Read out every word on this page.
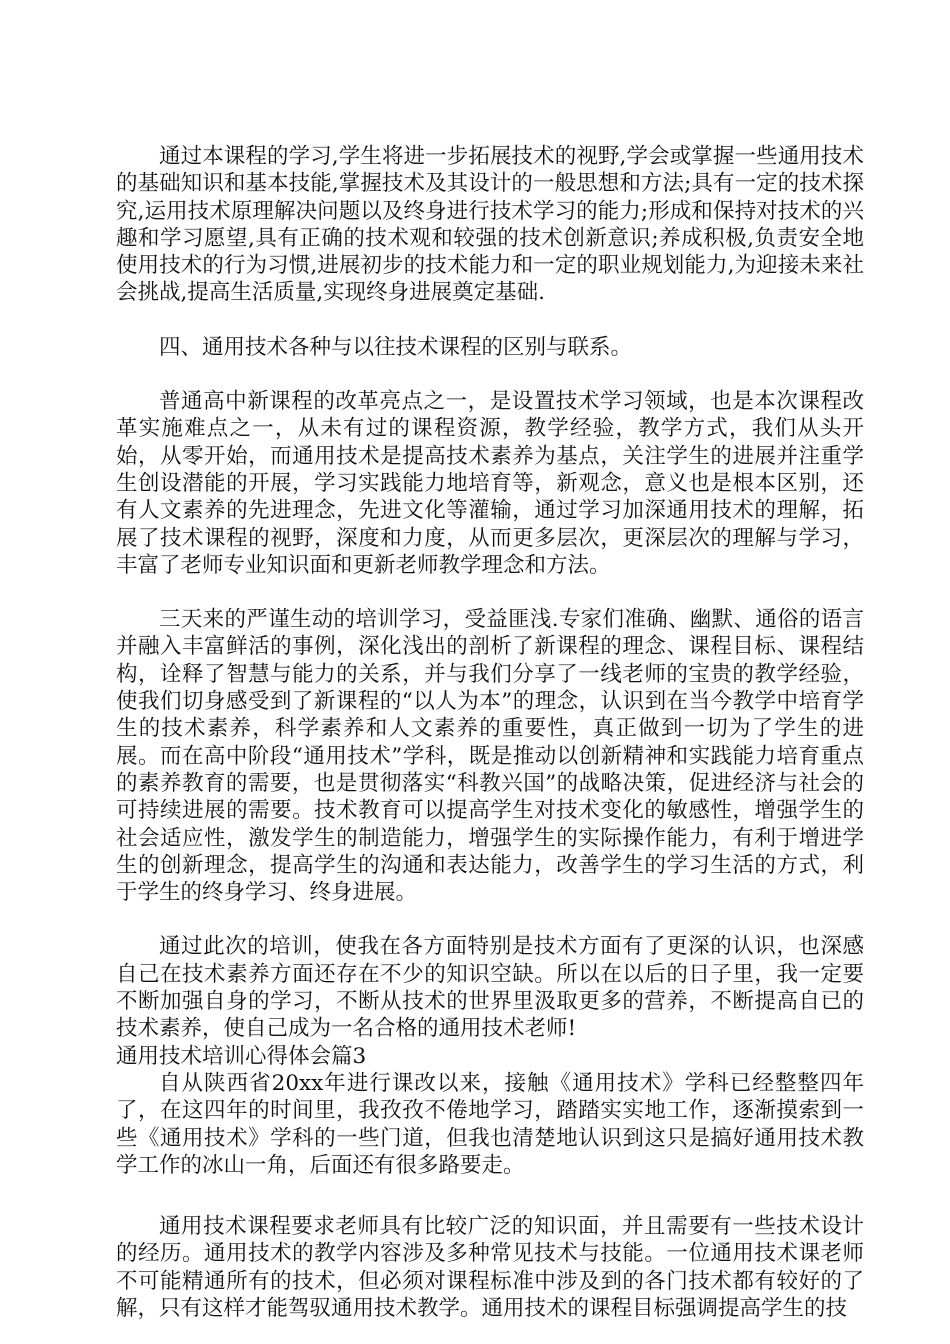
通过本课程的学习,学生将进一步拓展技术的视野,学会或掌握一些通用技术的基础知识和基本技能,掌握技术及其设计的一般思想和方法;具有一定的技术探究,运用技术原理解决问题以及终身进行技术学习的能力;形成和保持对技术的兴趣和学习愿望,具有正确的技术观和较强的技术创新意识;养成积极,负责安全地使用技术的行为习惯,进展初步的技术能力和一定的职业规划能力,为迎接未来社会挑战,提高生活质量,实现终身进展奠定基础.

四、通用技术各种与以往技术课程的区别与联系。

普通高中新课程的改革亮点之一，是设置技术学习领域，也是本次课程改革实施难点之一，从未有过的课程资源，教学经验，教学方式，我们从头开始，从零开始，而通用技术是提高技术素养为基点，关注学生的进展并注重学生创设潜能的开展，学习实践能力地培育等，新观念，意义也是根本区别，还有人文素养的先进理念，先进文化等灌输，通过学习加深通用技术的理解，拓展了技术课程的视野，深度和力度，从而更多层次，更深层次的理解与学习，丰富了老师专业知识面和更新老师教学理念和方法。

三天来的严谨生动的培训学习，受益匪浅.专家们准确、幽默、通俗的语言并融入丰富鲜活的事例，深化浅出的剖析了新课程的理念、课程目标、课程结构，诠释了智慧与能力的关系，并与我们分享了一线老师的宝贵的教学经验，使我们切身感受到了新课程的“以人为本”的理念，认识到在当今教学中培育学生的技术素养，科学素养和人文素养的重要性，真正做到一切为了学生的进展。而在高中阶段“通用技术”学科，既是推动以创新精神和实践能力培育重点的素养教育的需要，也是贯彻落实“科教兴国”的战略决策，促进经济与社会的可持续进展的需要。技术教育可以提高学生对技术变化的敏感性，增强学生的社会适应性，激发学生的制造能力，增强学生的实际操作能力，有利于增进学生的创新理念，提高学生的沟通和表达能力，改善学生的学习生活的方式，利于学生的终身学习、终身进展。

通过此次的培训，使我在各方面特别是技术方面有了更深的认识，也深感自己在技术素养方面还存在不少的知识空缺。所以在以后的日子里，我一定要不断加强自身的学习，不断从技术的世界里汲取更多的营养，不断提高自已的技术素养，使自己成为一名合格的通用技术老师!

通用技术培训心得体会篇3

自从陕西省20xx年进行课改以来，接触《通用技术》学科已经整整四年了，在这四年的时间里，我孜孜不倦地学习，踏踏实实地工作，逐渐摸索到一些《通用技术》学科的一些门道，但我也清楚地认识到这只是搞好通用技术教学工作的冰山一角，后面还有很多路要走。

通用技术课程要求老师具有比较广泛的知识面，并且需要有一些技术设计的经历。通用技术的教学内容涉及多种常见技术与技能。一位通用技术课老师不可能精通所有的技术，但必须对课程标准中涉及到的各门技术都有较好的了解，只有这样才能驾驭通用技术教学。通用技术的课程目标强调提高学生的技
